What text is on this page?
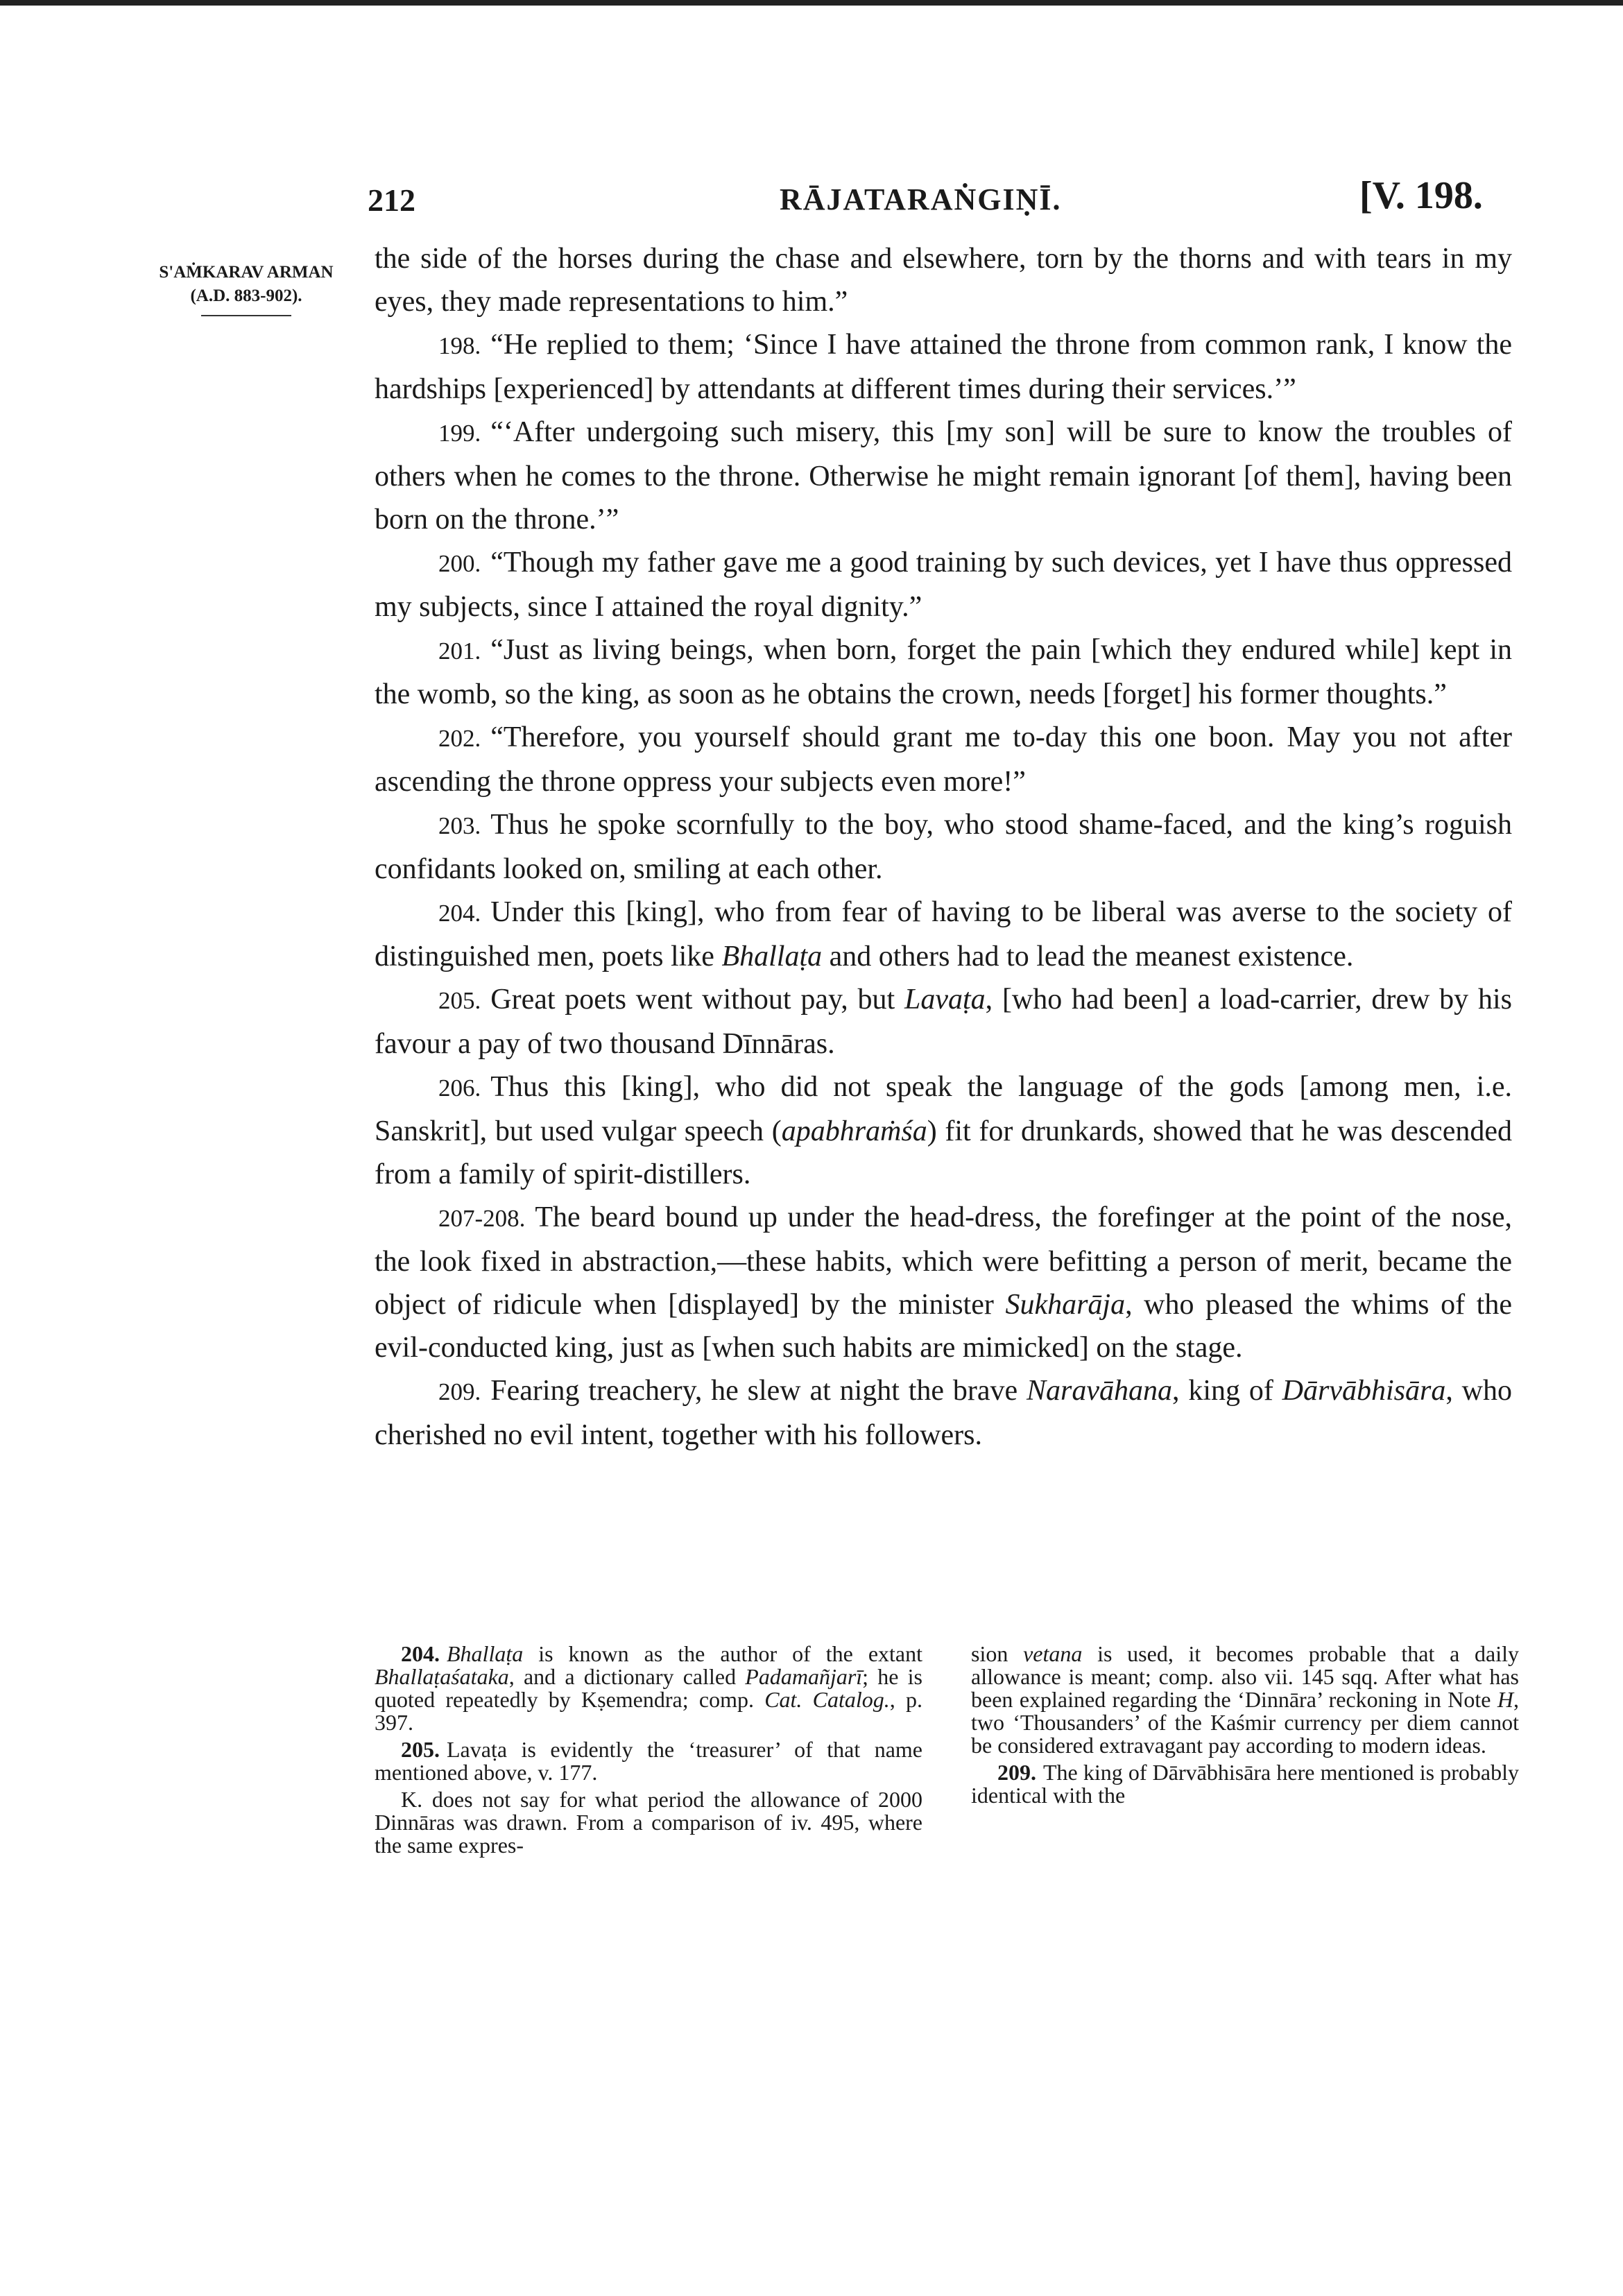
212	RĀJATARAṄGIṆĪ.	[V. 198.
S'AṀKARAV ARMAN
(A.D. 883-902).

the side of the horses during the chase and elsewhere, torn by the thorns and with tears in my eyes, they made representations to him.”

198. “He replied to them; ‘Since I have attained the throne from common rank, I know the hardships [experienced] by attendants at different times during their services.’”

199. “‘After undergoing such misery, this [my son] will be sure to know the troubles of others when he comes to the throne. Otherwise he might remain ignorant [of them], having been born on the throne.’”

200. “Though my father gave me a good training by such devices, yet I have thus oppressed my subjects, since I attained the royal dignity.”

201. “Just as living beings, when born, forget the pain [which they endured while] kept in the womb, so the king, as soon as he obtains the crown, needs [forget] his former thoughts.”

202. “Therefore, you yourself should grant me to-day this one boon. May you not after ascending the throne oppress your subjects even more!”

203. Thus he spoke scornfully to the boy, who stood shame-faced, and the king’s roguish confidants looked on, smiling at each other.

204. Under this [king], who from fear of having to be liberal was averse to the society of distinguished men, poets like Bhallaṭa and others had to lead the meanest existence.

205. Great poets went without pay, but Lavaṭa, [who had been] a load-carrier, drew by his favour a pay of two thousand Dīnnāras.

206. Thus this [king], who did not speak the language of the gods [among men, i.e. Sanskrit], but used vulgar speech (apabhraṁśa) fit for drunkards, showed that he was descended from a family of spirit-distillers.

207-208. The beard bound up under the head-dress, the forefinger at the point of the nose, the look fixed in abstraction,—these habits, which were befitting a person of merit, became the object of ridicule when [displayed] by the minister Sukharāja, who pleased the whims of the evil-conducted king, just as [when such habits are mimicked] on the stage.

209. Fearing treachery, he slew at night the brave Naravāhana, king of Dārvābhisāra, who cherished no evil intent, together with his followers.

204. Bhallaṭa is known as the author of the extant Bhallaṭaśataka, and a dictionary called Padamañjarī; he is quoted repeatedly by Kṣemendra; comp. Cat. Catalog., p. 397.

205. Lavaṭa is evidently the ‘treasurer’ of that name mentioned above, v. 177.

K. does not say for what period the allowance of 2000 Dinnāras was drawn. From a comparison of iv. 495, where the same expres-

sion vetana is used, it becomes probable that a daily allowance is meant; comp. also vii. 145 sqq. After what has been explained regarding the ‘Dinnāra’ reckoning in Note H, two ‘Thousanders’ of the Kaśmir currency per diem cannot be considered extravagant pay according to modern ideas.

209. The king of Dārvābhisāra here mentioned is probably identical with the
